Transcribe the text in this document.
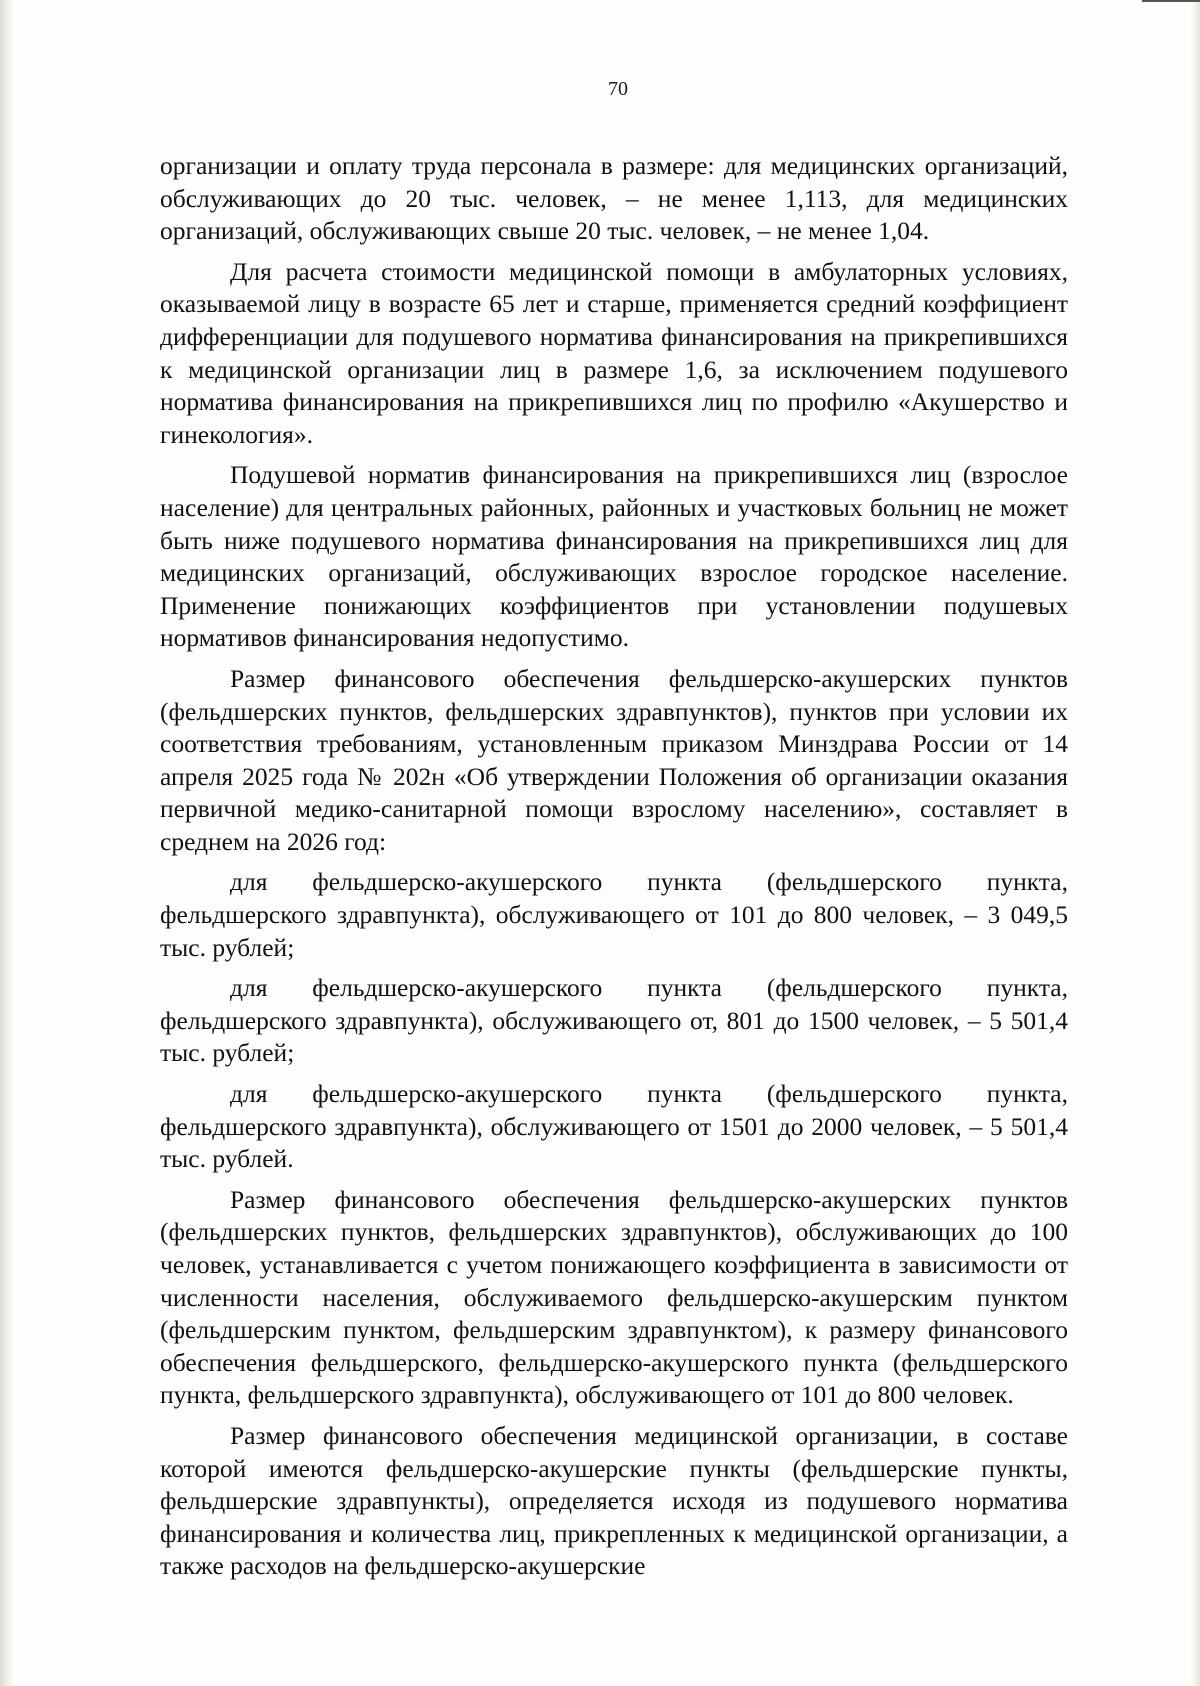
70

организации и оплату труда персонала в размере: для медицинских организаций, обслуживающих до 20 тыс. человек, – не менее 1,113, для медицинских организаций, обслуживающих свыше 20 тыс. человек, – не менее 1,04.

Для расчета стоимости медицинской помощи в амбулаторных условиях, оказываемой лицу в возрасте 65 лет и старше, применяется средний коэффициент дифференциации для подушевого норматива финансирования на прикрепившихся к медицинской организации лиц в размере 1,6, за исключением подушевого норматива финансирования на прикрепившихся лиц по профилю «Акушерство и гинекология».

Подушевой норматив финансирования на прикрепившихся лиц (взрослое население) для центральных районных, районных и участковых больниц не может быть ниже подушевого норматива финансирования на прикрепившихся лиц для медицинских организаций, обслуживающих взрослое городское население. Применение понижающих коэффициентов при установлении подушевых нормативов финансирования недопустимо.

Размер финансового обеспечения фельдшерско-акушерских пунктов (фельдшерских пунктов, фельдшерских здравпунктов), пунктов при условии их соответствия требованиям, установленным приказом Минздрава России от 14 апреля 2025 года № 202н «Об утверждении Положения об организации оказания первичной медико-санитарной помощи взрослому населению», составляет в среднем на 2026 год:

для фельдшерско-акушерского пункта (фельдшерского пункта, фельдшерского здравпункта), обслуживающего от 101 до 800 человек, – 3 049,5 тыс. рублей;

для фельдшерско-акушерского пункта (фельдшерского пункта, фельдшерского здравпункта), обслуживающего от, 801 до 1500 человек, – 5 501,4 тыс. рублей;

для фельдшерско-акушерского пункта (фельдшерского пункта, фельдшерского здравпункта), обслуживающего от 1501 до 2000 человек, – 5 501,4 тыс. рублей.

Размер финансового обеспечения фельдшерско-акушерских пунктов (фельдшерских пунктов, фельдшерских здравпунктов), обслуживающих до 100 человек, устанавливается с учетом понижающего коэффициента в зависимости от численности населения, обслуживаемого фельдшерско-акушерским пунктом (фельдшерским пунктом, фельдшерским здравпунктом), к размеру финансового обеспечения фельдшерского, фельдшерско-акушерского пункта (фельдшерского пункта, фельдшерского здравпункта), обслуживающего от 101 до 800 человек.

Размер финансового обеспечения медицинской организации, в составе которой имеются фельдшерско-акушерские пункты (фельдшерские пункты, фельдшерские здравпункты), определяется исходя из подушевого норматива финансирования и количества лиц, прикрепленных к медицинской организации, а также расходов на фельдшерско-акушерские
